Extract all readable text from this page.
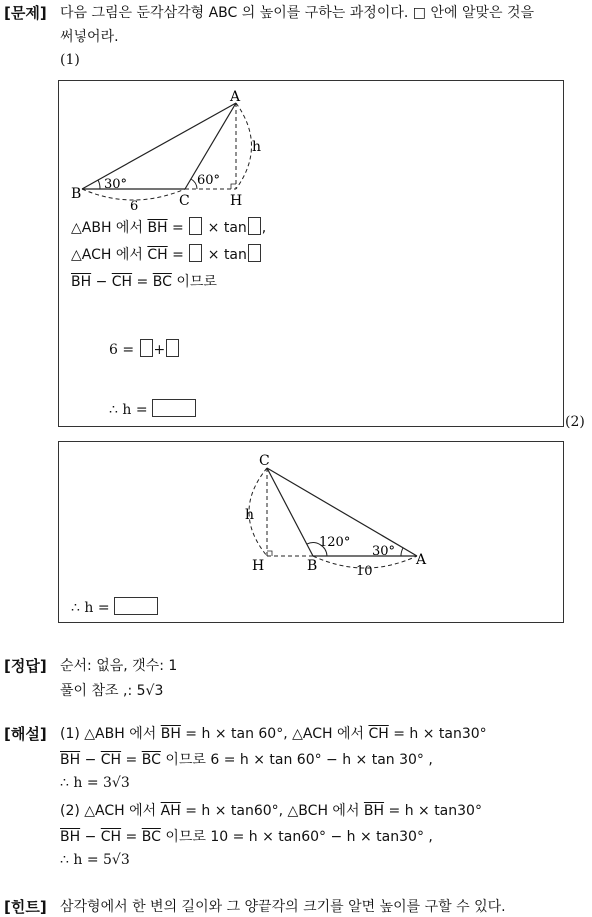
[문제] 다음 그림은 둔각삼각형 ABC 의 높이를 구하는 과정이다. □ 안에 알맞은 것을
써넣어라.
(1)
A
B	C	H
h
30°	60°
6
△ABH 에서 $\overline{BH}$ =  × tan ,
△ACH 에서 $\overline{CH}$ =  × tan
$\overline{BH} - \overline{CH} = \overline{BC}$ 이므로
6 = +
∴ h =
(2)
C
A
B
H
h
120°
30°
10
∴ h =
[정답] 순서: 없음, 갯수: 1
풀이 참조 ,: 5√3
[해설] (1) △ABH 에서 $\overline{BH} = h \times \tan 60^\circ$, △ACH 에서 $\overline{CH} = h \times \tan 30^\circ$
$\overline{BH} - \overline{CH} = \overline{BC}$ 이므로 6 = h × tan 60° − h × tan 30° ,
∴ h = 3√3
(2) △ACH 에서 $\overline{AH} = h \times \tan 60^\circ$, △BCH 에서 $\overline{BH} = h \times \tan 30^\circ$
$\overline{BH} - \overline{CH} = \overline{BC}$ 이므로 10 = h × tan60° − h × tan30° ,
∴ h = 5√3
[힌트] 삼각형에서 한 변의 길이와 그 양끝각의 크기를 알면 높이를 구할 수 있다.
